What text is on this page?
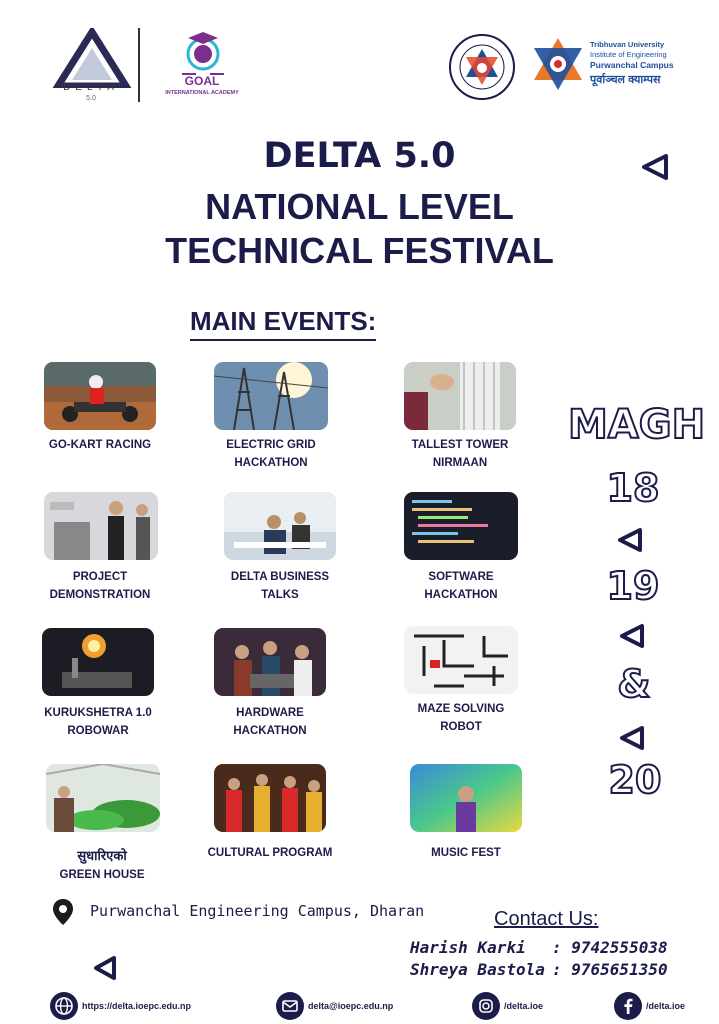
DELTA
5.0
GOAL
INTERNATIONAL ACADEMY
Tribhuvan University
Institute of Engineering
Purwanchal Campus
पूर्वाञ्चल क्याम्पस
DELTA 5.0
NATIONAL LEVEL
TECHNICAL FESTIVAL
MAIN EVENTS:
GO-KART RACING	ELECTRIC GRID
HACKATHON
TALLEST TOWER
NIRMAAN
PROJECT
DEMONSTRATION
DELTA BUSINESS
TALKS
SOFTWARE
HACKATHON
KURUKSHETRA 1.0
ROBOWAR
HARDWARE
HACKATHON
MAZE SOLVING
ROBOT
सुधारिएको
GREEN HOUSE
CULTURAL PROGRAM	MUSIC FEST
MAGH
18
19
&
20
Purwanchal Engineering Campus, Dharan	Contact Us:
Harish Karki : 9742555038
Shreya Bastola : 9765651350
https://delta.ioepc.edu.np	delta@ioepc.edu.np	/delta.ioe	/delta.ioe
